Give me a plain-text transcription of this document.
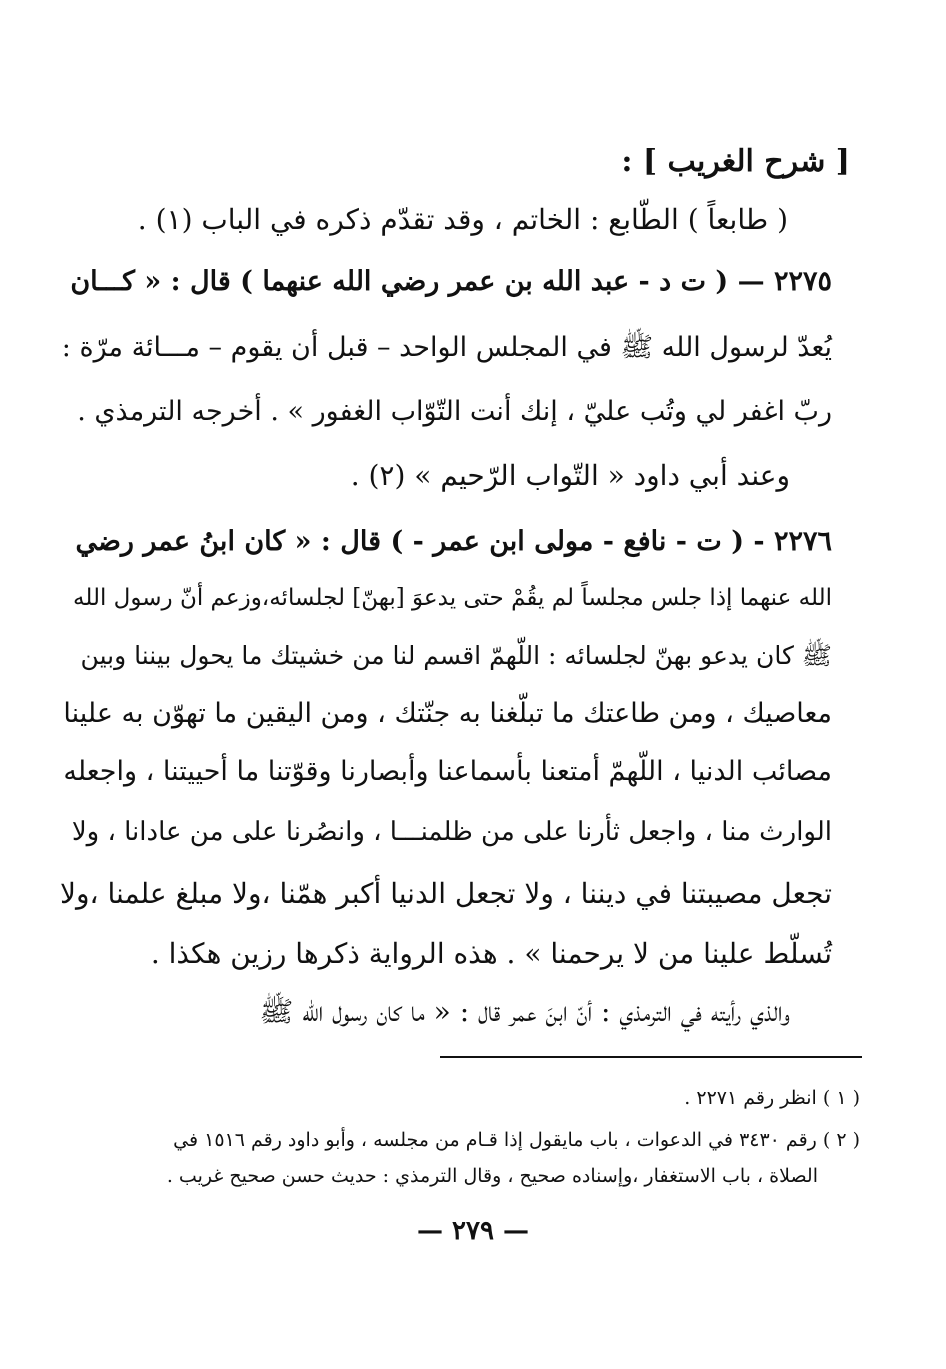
[ شرح الغريب ] :
( طابعاً ) الطّابع : الخاتم ، وقد تقدّم ذكره في الباب (١) .
٢٢٧٥ — ( ت د - عبد الله بن عمر رضي الله عنهما ) قال : « كـــان
يُعدّ لرسول الله ﷺ في المجلس الواحد – قبل أن يقوم – مـــائة مرّة :
ربّ اغفر لي وتُب عليّ ، إنك أنت التّوّاب الغفور » . أخرجه الترمذي .
وعند أبي داود « التّواب الرّحيم » (٢) .
٢٢٧٦ - ( ت - نافع - مولى ابن عمر - ) قال : « كان ابنُ عمر رضي
الله عنهما إذا جلس مجلساً لم يقُمْ حتى يدعوَ [بهنّ] لجلسائه،وزعم أنّ رسول الله
ﷺ كان يدعو بهنّ لجلسائه : اللّهمّ اقسم لنا من خشيتك ما يحول بيننا وبين
معاصيك ، ومن طاعتك ما تبلّغنا به جنّتك ، ومن اليقين ما تهوّن به علينا
مصائب الدنيا ، اللّهمّ أمتعنا بأسماعنا وأبصارنا وقوّتنا ما أحييتنا ، واجعله
الوارث منا ، واجعل ثأرنا على من ظلمنـــا ، وانصُرنا على من عادانا ، ولا
تجعل مصيبتنا في ديننا ، ولا تجعل الدنيا أكبر همّنا ،ولا مبلغ علمنا ،ولا
تُسلّط علينا من لا يرحمنا » . هذه الرواية ذكرها رزين هكذا .
والذي رأيته في الترمذي : أنّ ابنَ عمر قال : « ما كان رسول الله ﷺ
( ١ ) انظر رقم ٢٢٧١ .
( ٢ ) رقم ٣٤٣٠ في الدعوات ، باب مايقول إذا قـام من مجلسه ، وأبو داود رقم ١٥١٦ في
الصلاة ، باب الاستغفار ،وإسناده صحيح ، وقال الترمذي : حديث حسن صحيح غريب .
— ٢٧٩ —
